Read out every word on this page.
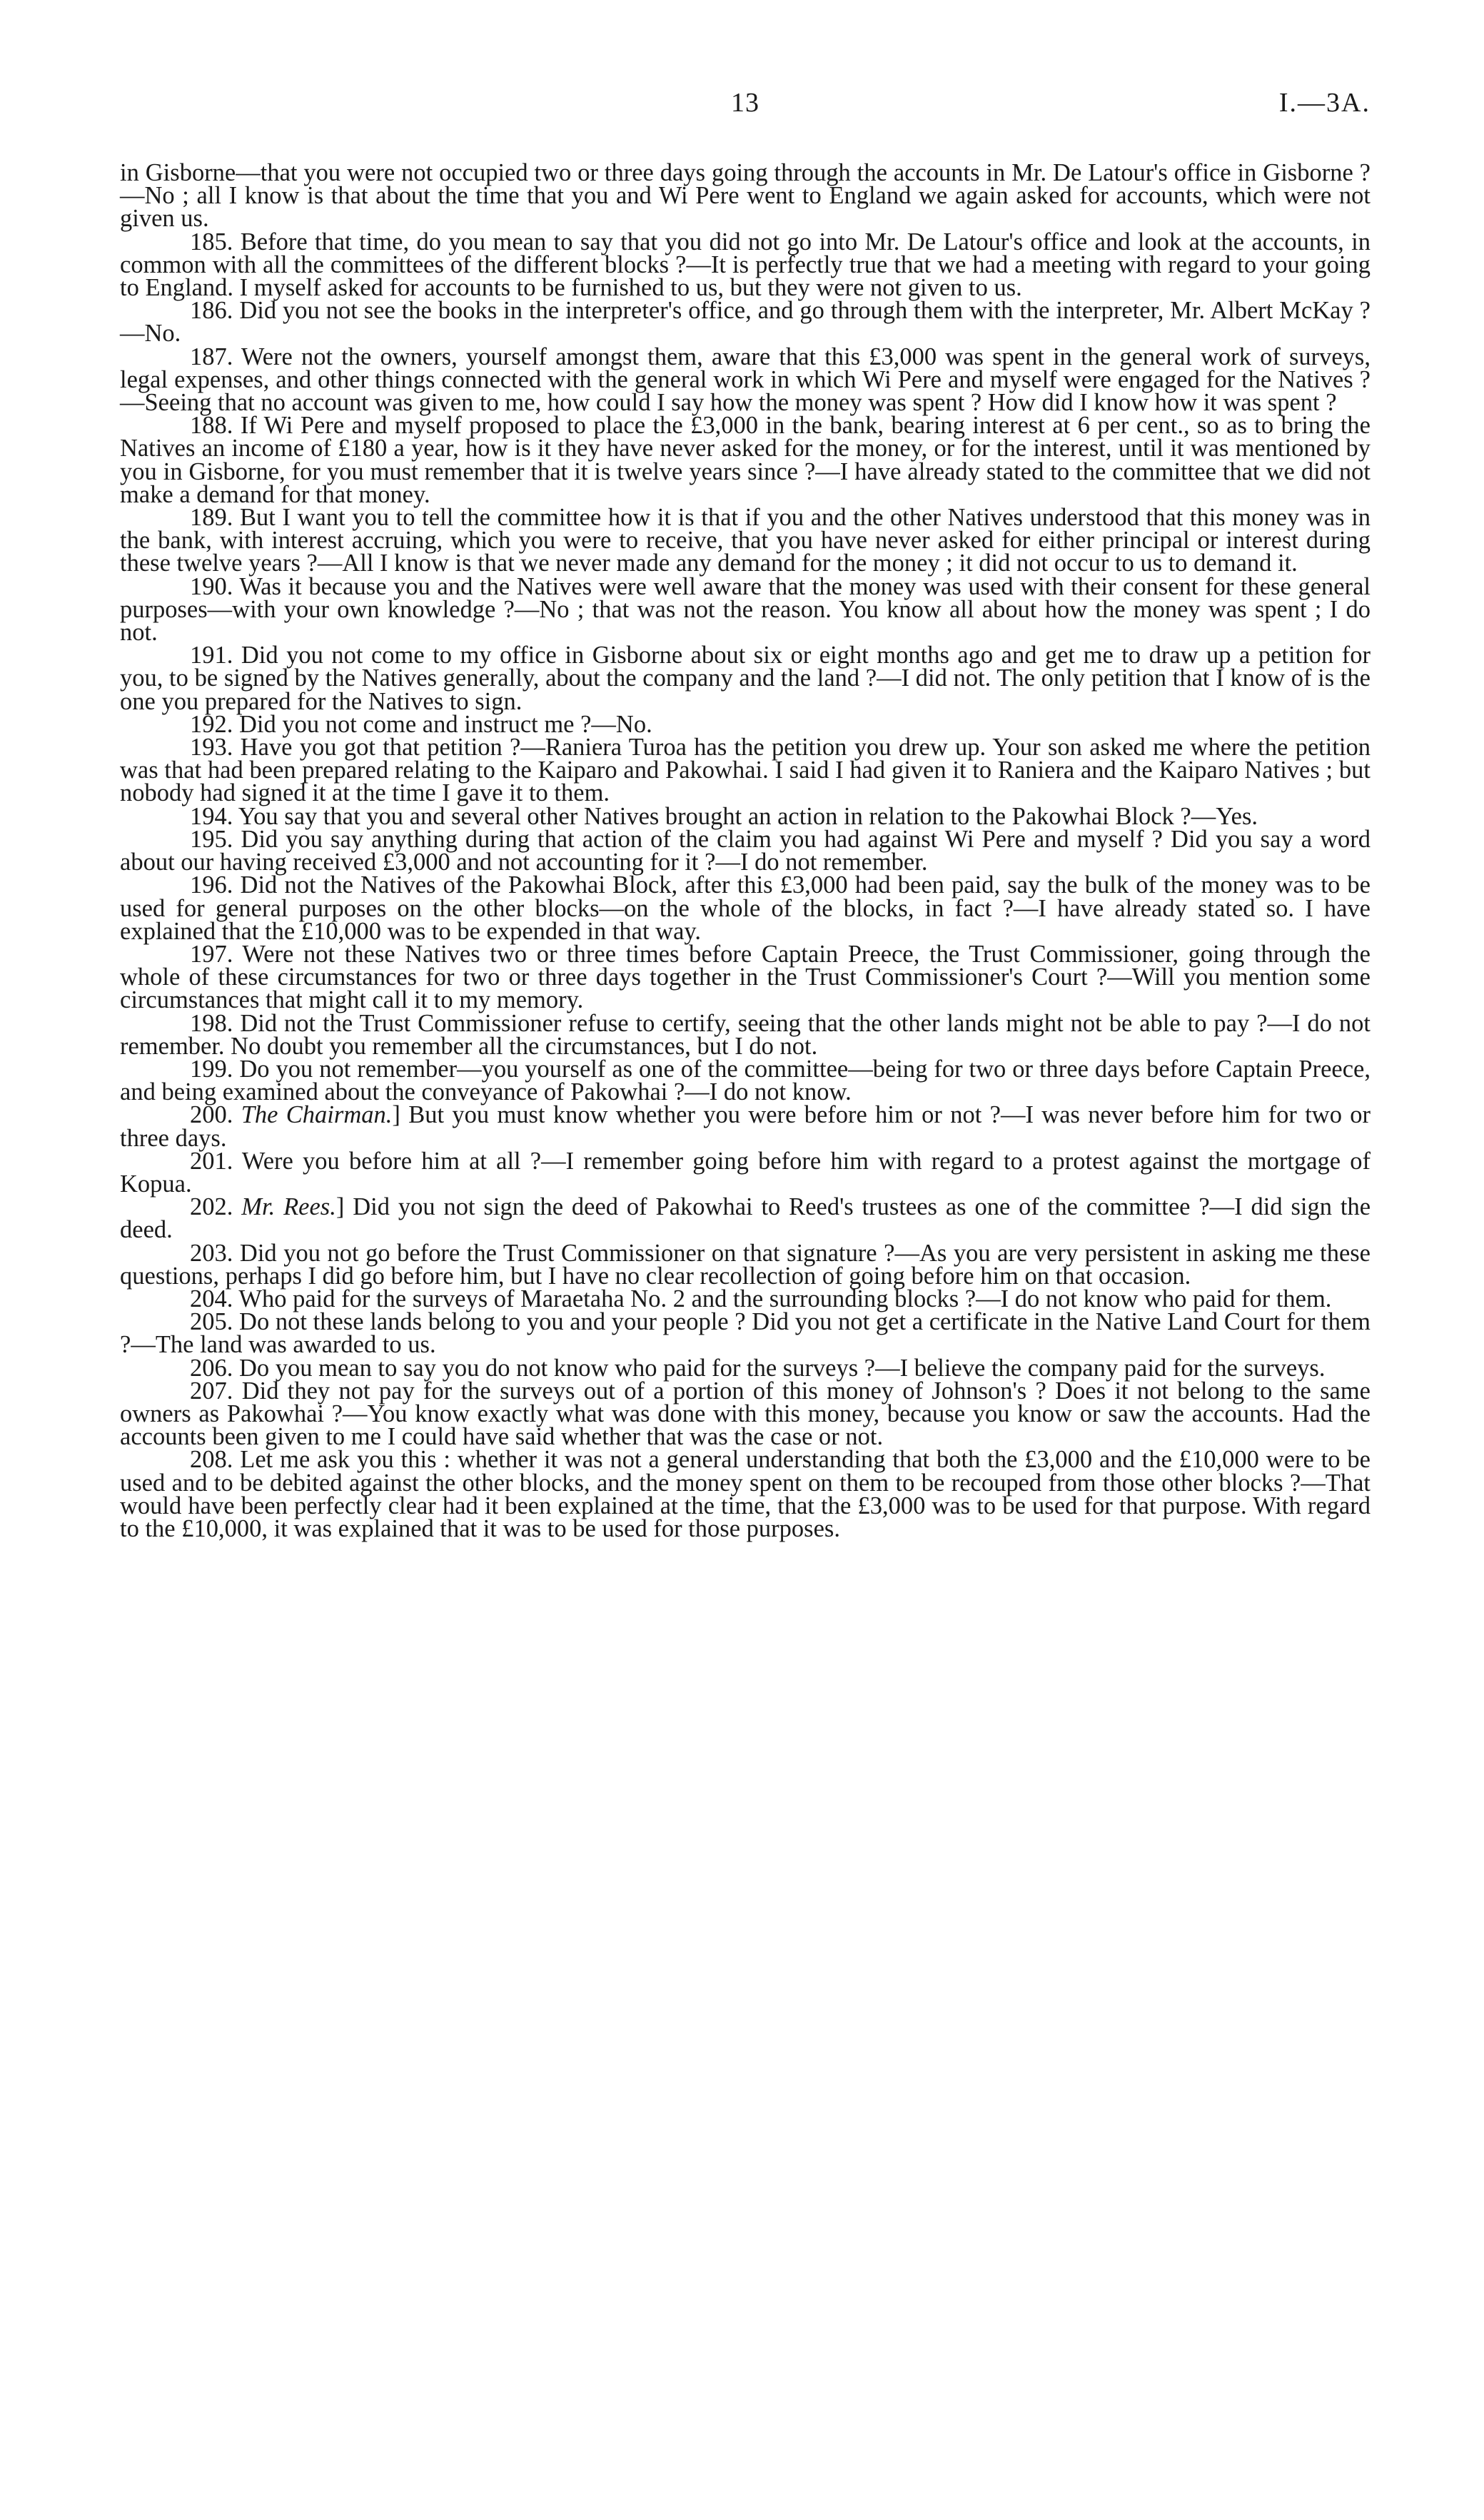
13	I.—3A.

in Gisborne—that you were not occupied two or three days going through the accounts in Mr. De Latour's office in Gisborne ?—No ; all I know is that about the time that you and Wi Pere went to England we again asked for accounts, which were not given us.

185. Before that time, do you mean to say that you did not go into Mr. De Latour's office and look at the accounts, in common with all the committees of the different blocks ?—It is perfectly true that we had a meeting with regard to your going to England. I myself asked for accounts to be furnished to us, but they were not given to us.

186. Did you not see the books in the interpreter's office, and go through them with the interpreter, Mr. Albert McKay ?—No.

187. Were not the owners, yourself amongst them, aware that this £3,000 was spent in the general work of surveys, legal expenses, and other things connected with the general work in which Wi Pere and myself were engaged for the Natives ?—Seeing that no account was given to me, how could I say how the money was spent ? How did I know how it was spent ?

188. If Wi Pere and myself proposed to place the £3,000 in the bank, bearing interest at 6 per cent., so as to bring the Natives an income of £180 a year, how is it they have never asked for the money, or for the interest, until it was mentioned by you in Gisborne, for you must remember that it is twelve years since ?—I have already stated to the committee that we did not make a demand for that money.

189. But I want you to tell the committee how it is that if you and the other Natives understood that this money was in the bank, with interest accruing, which you were to receive, that you have never asked for either principal or interest during these twelve years ?—All I know is that we never made any demand for the money ; it did not occur to us to demand it.

190. Was it because you and the Natives were well aware that the money was used with their consent for these general purposes—with your own knowledge ?—No ; that was not the reason. You know all about how the money was spent ; I do not.

191. Did you not come to my office in Gisborne about six or eight months ago and get me to draw up a petition for you, to be signed by the Natives generally, about the company and the land ?—I did not. The only petition that I know of is the one you prepared for the Natives to sign.

192. Did you not come and instruct me ?—No.

193. Have you got that petition ?—Raniera Turoa has the petition you drew up. Your son asked me where the petition was that had been prepared relating to the Kaiparo and Pakowhai. I said I had given it to Raniera and the Kaiparo Natives ; but nobody had signed it at the time I gave it to them.

194. You say that you and several other Natives brought an action in relation to the Pakowhai Block ?—Yes.

195. Did you say anything during that action of the claim you had against Wi Pere and myself ? Did you say a word about our having received £3,000 and not accounting for it ?—I do not remember.

196. Did not the Natives of the Pakowhai Block, after this £3,000 had been paid, say the bulk of the money was to be used for general purposes on the other blocks—on the whole of the blocks, in fact ?—I have already stated so. I have explained that the £10,000 was to be expended in that way.

197. Were not these Natives two or three times before Captain Preece, the Trust Commissioner, going through the whole of these circumstances for two or three days together in the Trust Commissioner's Court ?—Will you mention some circumstances that might call it to my memory.

198. Did not the Trust Commissioner refuse to certify, seeing that the other lands might not be able to pay ?—I do not remember. No doubt you remember all the circumstances, but I do not.

199. Do you not remember—you yourself as one of the committee—being for two or three days before Captain Preece, and being examined about the conveyance of Pakowhai ?—I do not know.

200. The Chairman.] But you must know whether you were before him or not ?—I was never before him for two or three days.

201. Were you before him at all ?—I remember going before him with regard to a protest against the mortgage of Kopua.

202. Mr. Rees.] Did you not sign the deed of Pakowhai to Reed's trustees as one of the committee ?—I did sign the deed.

203. Did you not go before the Trust Commissioner on that signature ?—As you are very persistent in asking me these questions, perhaps I did go before him, but I have no clear recollection of going before him on that occasion.

204. Who paid for the surveys of Maraetaha No. 2 and the surrounding blocks ?—I do not know who paid for them.

205. Do not these lands belong to you and your people ? Did you not get a certificate in the Native Land Court for them ?—The land was awarded to us.

206. Do you mean to say you do not know who paid for the surveys ?—I believe the company paid for the surveys.

207. Did they not pay for the surveys out of a portion of this money of Johnson's ? Does it not belong to the same owners as Pakowhai ?—You know exactly what was done with this money, because you know or saw the accounts. Had the accounts been given to me I could have said whether that was the case or not.

208. Let me ask you this : whether it was not a general understanding that both the £3,000 and the £10,000 were to be used and to be debited against the other blocks, and the money spent on them to be recouped from those other blocks ?—That would have been perfectly clear had it been explained at the time, that the £3,000 was to be used for that purpose. With regard to the £10,000, it was explained that it was to be used for those purposes.
